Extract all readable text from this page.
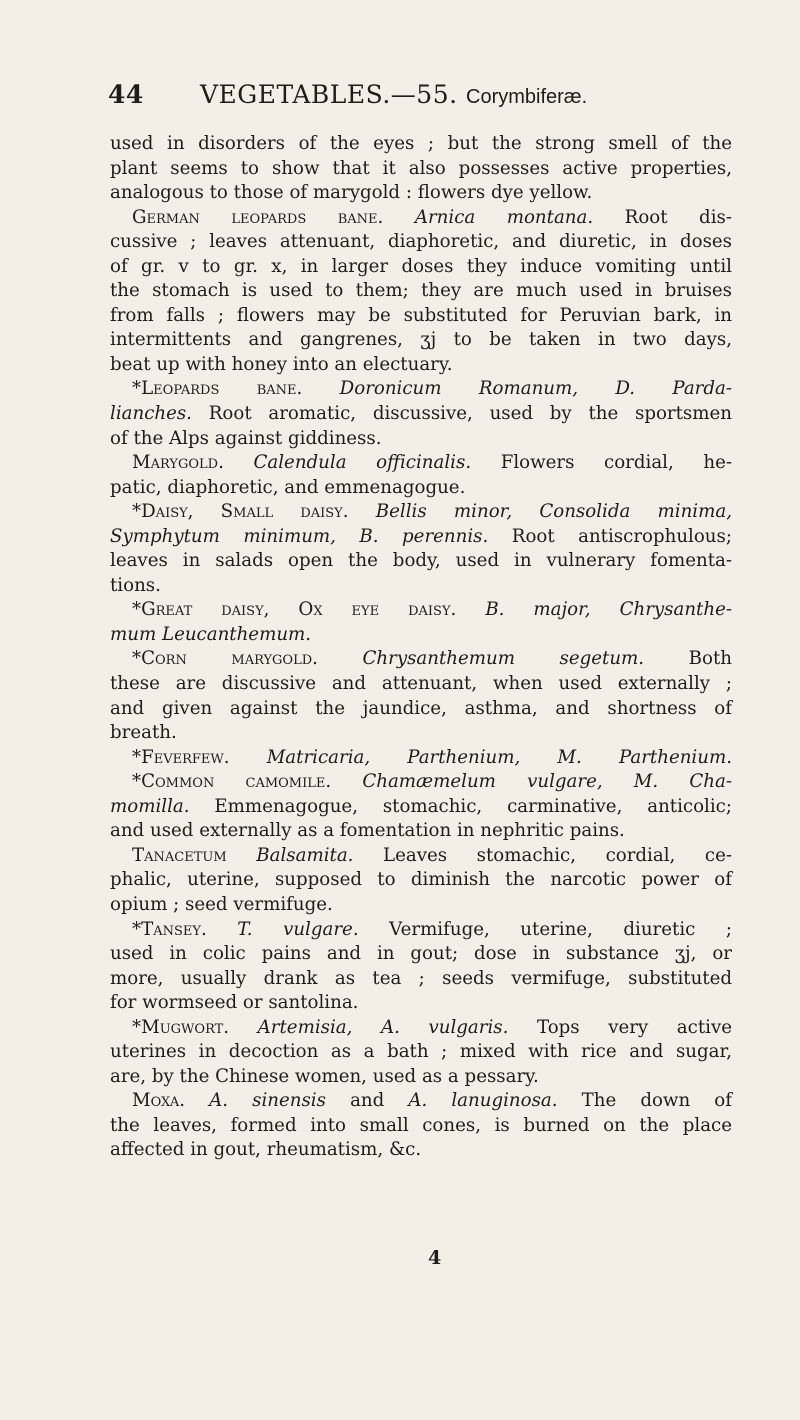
44 VEGETABLES.—55. Corymbiferæ.
used in disorders of the eyes ; but the strong smell of the
plant seems to show that it also possesses active properties,
analogous to those of marygold : flowers dye yellow.
German leopards bane. Arnica montana. Root dis-
cussive ; leaves attenuant, diaphoretic, and diuretic, in doses
of gr. v to gr. x, in larger doses they induce vomiting until
the stomach is used to them; they are much used in bruises
from falls ; flowers may be substituted for Peruvian bark, in
intermittents and gangrenes, ʒj to be taken in two days,
beat up with honey into an electuary.
*Leopards bane. Doronicum Romanum, D. Parda-
lianches. Root aromatic, discussive, used by the sportsmen
of the Alps against giddiness.
Marygold. Calendula officinalis. Flowers cordial, he-
patic, diaphoretic, and emmenagogue.
*Daisy, Small daisy. Bellis minor, Consolida minima,
Symphytum minimum, B. perennis. Root antiscrophulous;
leaves in salads open the body, used in vulnerary fomenta-
tions.
*Great daisy, Ox eye daisy. B. major, Chrysanthe-
mum Leucanthemum.
*Corn marygold. Chrysanthemum segetum. Both
these are discussive and attenuant, when used externally ;
and given against the jaundice, asthma, and shortness of
breath.
*Feverfew. Matricaria, Parthenium, M. Parthenium.
*Common camomile. Chamæmelum vulgare, M. Cha-
momilla. Emmenagogue, stomachic, carminative, anticolic;
and used externally as a fomentation in nephritic pains.
Tanacetum Balsamita. Leaves stomachic, cordial, ce-
phalic, uterine, supposed to diminish the narcotic power of
opium ; seed vermifuge.
*Tansey. T. vulgare. Vermifuge, uterine, diuretic ;
used in colic pains and in gout; dose in substance ʒj, or
more, usually drank as tea ; seeds vermifuge, substituted
for wormseed or santolina.
*Mugwort. Artemisia, A. vulgaris. Tops very active
uterines in decoction as a bath ; mixed with rice and sugar,
are, by the Chinese women, used as a pessary.
Moxa. A. sinensis and A. lanuginosa. The down of
the leaves, formed into small cones, is burned on the place
affected in gout, rheumatism, &c.
4
